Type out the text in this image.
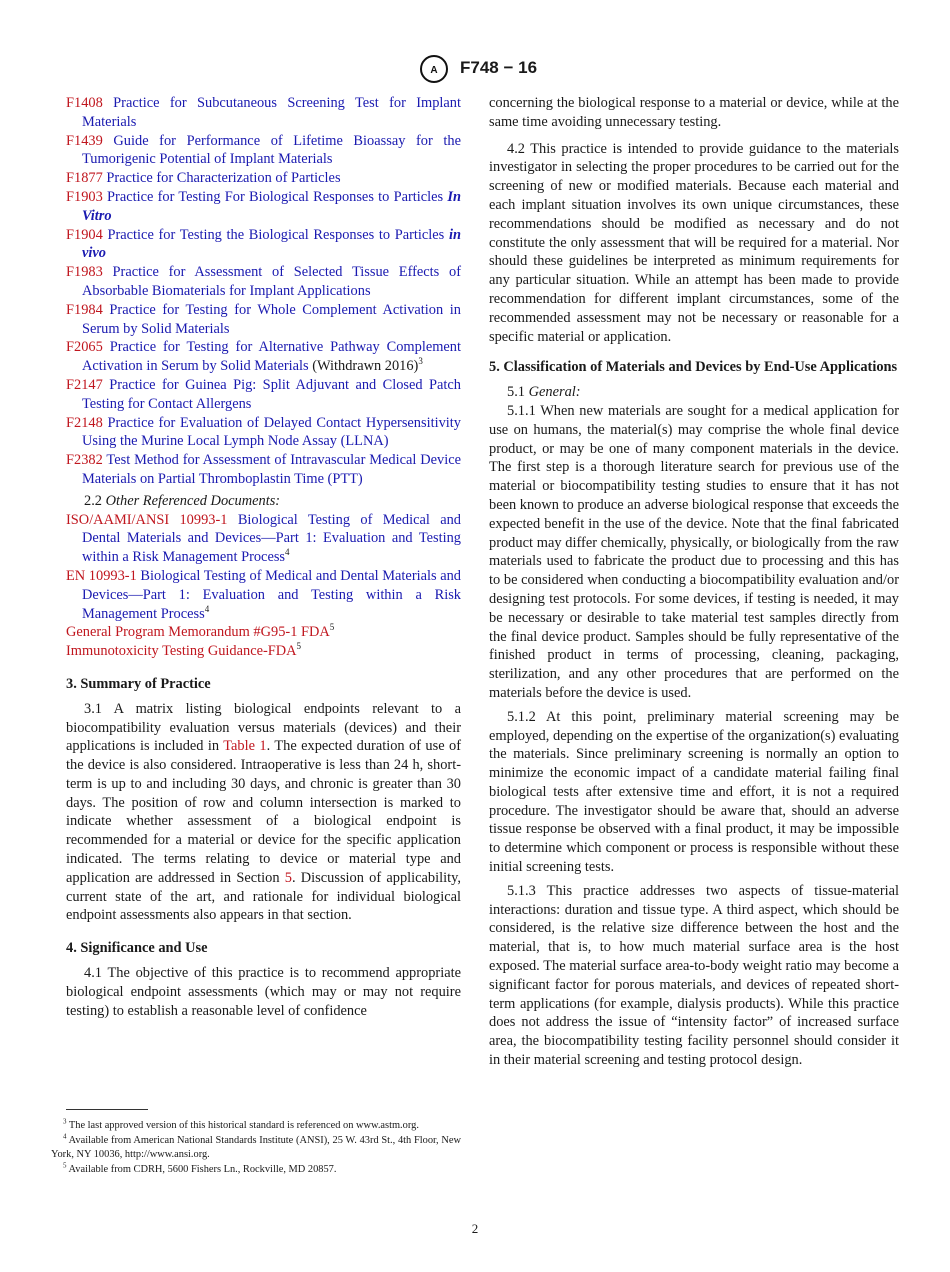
A F748 − 16

F1408 Practice for Subcutaneous Screening Test for Implant Materials

F1439 Guide for Performance of Lifetime Bioassay for the Tumorigenic Potential of Implant Materials

F1877 Practice for Characterization of Particles

F1903 Practice for Testing For Biological Responses to Particles In Vitro

F1904 Practice for Testing the Biological Responses to Particles in vivo

F1983 Practice for Assessment of Selected Tissue Effects of Absorbable Biomaterials for Implant Applications

F1984 Practice for Testing for Whole Complement Activation in Serum by Solid Materials

F2065 Practice for Testing for Alternative Pathway Complement Activation in Serum by Solid Materials (Withdrawn 2016)$^3$

F2147 Practice for Guinea Pig: Split Adjuvant and Closed Patch Testing for Contact Allergens

F2148 Practice for Evaluation of Delayed Contact Hypersensitivity Using the Murine Local Lymph Node Assay (LLNA)

F2382 Test Method for Assessment of Intravascular Medical Device Materials on Partial Thromboplastin Time (PTT)

2.2 Other Referenced Documents:

ISO/AAMI/ANSI 10993-1 Biological Testing of Medical and Dental Materials and Devices—Part 1: Evaluation and Testing within a Risk Management Process$^4$

EN 10993-1 Biological Testing of Medical and Dental Materials and Devices—Part 1: Evaluation and Testing within a Risk Management Process$^4$

General Program Memorandum #G95-1 FDA$^5$

Immunotoxicity Testing Guidance-FDA$^5$

3. Summary of Practice

3.1 A matrix listing biological endpoints relevant to a biocompatibility evaluation versus materials (devices) and their applications is included in Table 1. The expected duration of use of the device is also considered. Intraoperative is less than 24 h, short-term is up to and including 30 days, and chronic is greater than 30 days. The position of row and column intersection is marked to indicate whether assessment of a biological endpoint is recommended for a material or device for the specific application indicated. The terms relating to device or material type and application are addressed in Section 5. Discussion of applicability, current state of the art, and rationale for individual biological endpoint assessments also appears in that section.

4. Significance and Use

4.1 The objective of this practice is to recommend appropriate biological endpoint assessments (which may or may not require testing) to establish a reasonable level of confidence

concerning the biological response to a material or device, while at the same time avoiding unnecessary testing.

4.2 This practice is intended to provide guidance to the materials investigator in selecting the proper procedures to be carried out for the screening of new or modified materials. Because each material and each implant situation involves its own unique circumstances, these recommendations should be modified as necessary and do not constitute the only assessment that will be required for a material. Nor should these guidelines be interpreted as minimum requirements for any particular situation. While an attempt has been made to provide recommendation for different implant circumstances, some of the recommended assessment may not be necessary or reasonable for a specific material or application.

5. Classification of Materials and Devices by End-Use Applications

5.1 General:

5.1.1 When new materials are sought for a medical application for use on humans, the material(s) may comprise the whole final device product, or may be one of many component materials in the device. The first step is a thorough literature search for previous use of the material or biocompatibility testing studies to ensure that it has not been known to produce an adverse biological response that exceeds the expected benefit in the use of the device. Note that the final fabricated product may differ chemically, physically, or biologically from the raw materials used to fabricate the product due to processing and this has to be considered when conducting a biocompatibility evaluation and/or designing test protocols. For some devices, if testing is needed, it may be necessary or desirable to take material test samples directly from the final device product. Samples should be fully representative of the finished product in terms of processing, cleaning, packaging, sterilization, and any other procedures that are performed on the materials before the device is used.

5.1.2 At this point, preliminary material screening may be employed, depending on the expertise of the organization(s) evaluating the materials. Since preliminary screening is normally an option to minimize the economic impact of a candidate material failing final biological tests after extensive time and effort, it is not a required procedure. The investigator should be aware that, should an adverse tissue response be observed with a final product, it may be impossible to determine which component or process is responsible without these initial screening tests.

5.1.3 This practice addresses two aspects of tissue-material interactions: duration and tissue type. A third aspect, which should be considered, is the relative size difference between the host and the material, that is, to how much material surface area is the host exposed. The material surface area-to-body weight ratio may become a significant factor for porous materials, and devices of repeated short-term applications (for example, dialysis products). While this practice does not address the issue of “intensity factor” of increased surface area, the biocompatibility testing facility personnel should consider it in their material screening and testing protocol design.

$^3$ The last approved version of this historical standard is referenced on www.astm.org.

$^4$ Available from American National Standards Institute (ANSI), 25 W. 43rd St., 4th Floor, New York, NY 10036, http://www.ansi.org.

$^5$ Available from CDRH, 5600 Fishers Ln., Rockville, MD 20857.

2
